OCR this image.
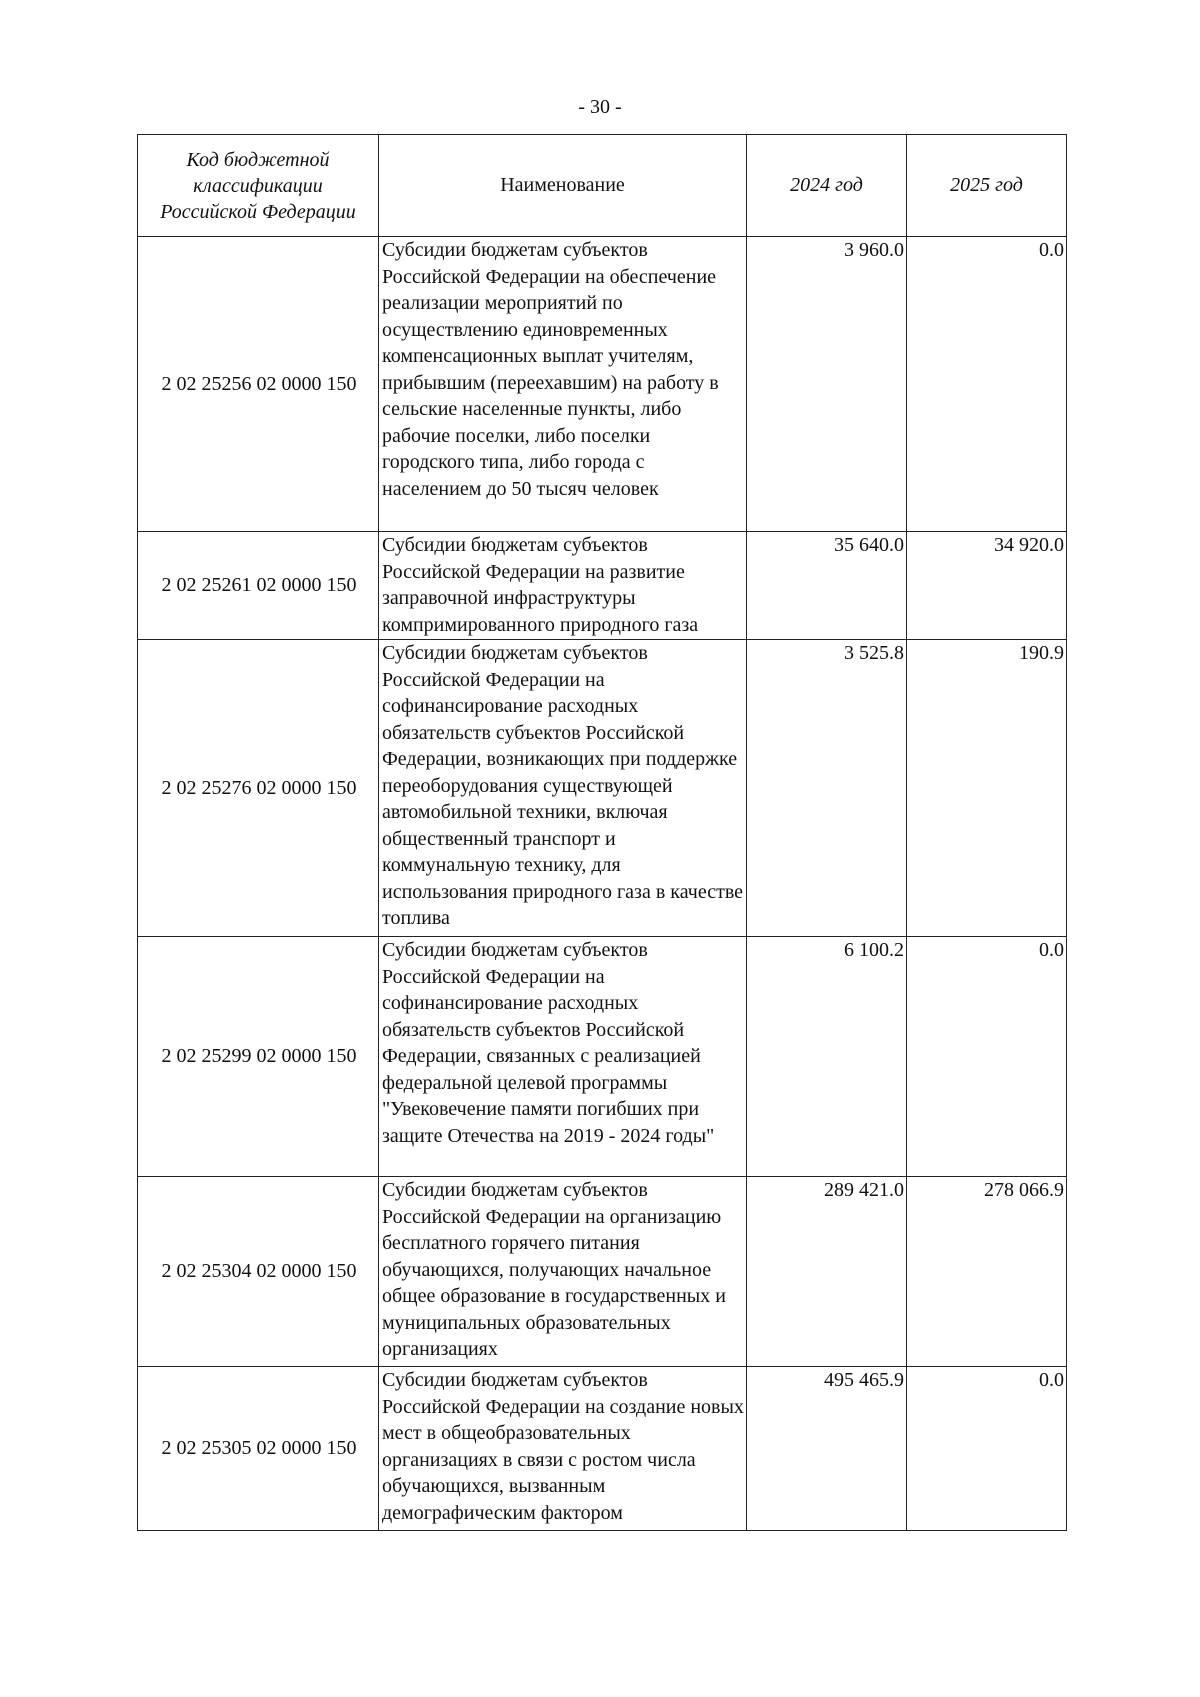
- 30 -
Код бюджетной
классификации
Российской Федерации	Наименование	2024 год	2025 год
2 02 25256 02 0000 150	Субсидии бюджетам субъектов Российской Федерации на обеспечение реализации мероприятий по осуществлению единовременных компенсационных выплат учителям, прибывшим (переехавшим) на работу в сельские населенные пункты, либо рабочие поселки, либо поселки городского типа, либо города с населением до 50 тысяч человек	3 960.0	0.0
2 02 25261 02 0000 150	Субсидии бюджетам субъектов Российской Федерации на развитие заправочной инфраструктуры компримированного природного газа	35 640.0	34 920.0
2 02 25276 02 0000 150	Субсидии бюджетам субъектов Российской Федерации на софинансирование расходных обязательств субъектов Российской Федерации, возникающих при поддержке переоборудования существующей автомобильной техники, включая общественный транспорт и коммунальную технику, для использования природного газа в качестве топлива	3 525.8	190.9
2 02 25299 02 0000 150	Субсидии бюджетам субъектов Российской Федерации на софинансирование расходных обязательств субъектов Российской Федерации, связанных с реализацией федеральной целевой программы "Увековечение памяти погибших при защите Отечества на 2019 - 2024 годы"	6 100.2	0.0
2 02 25304 02 0000 150	Субсидии бюджетам субъектов Российской Федерации на организацию бесплатного горячего питания обучающихся, получающих начальное общее образование в государственных и муниципальных образовательных организациях	289 421.0	278 066.9
2 02 25305 02 0000 150	Субсидии бюджетам субъектов Российской Федерации на создание новых мест в общеобразовательных организациях в связи с ростом числа обучающихся, вызванным демографическим фактором	495 465.9	0.0
